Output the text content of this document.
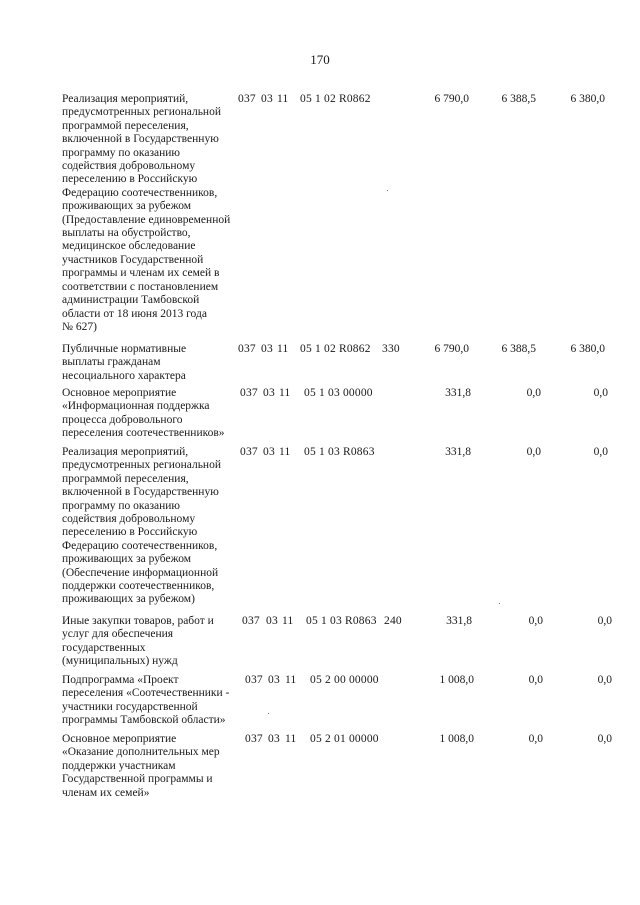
170
Реализация мероприятий,
предусмотренных региональной
программой переселения,
включенной в Государственную
программу по оказанию
содействия добровольному
переселению в Российскую
Федерацию соотечественников,
проживающих за рубежом
(Предоставление единовременной
выплаты на обустройство,
медицинское обследование
участников Государственной
программы и членам их семей в
соответствии с постановлением
администрации Тамбовской
области от 18 июня 2013 года
№ 627)
037 03 11 05 1 02 R0862	6 790,0	6 388,5	6 380,0
Публичные нормативные
выплаты гражданам
несоциального характера
037 03 11 05 1 02 R0862 330	6 790,0	6 388,5	6 380,0
Основное мероприятие
«Информационная поддержка
процесса добровольного
переселения соотечественников»
037 03 11 05 1 03 00000	331,8	0,0	0,0
Реализация мероприятий,
предусмотренных региональной
программой переселения,
включенной в Государственную
программу по оказанию
содействия добровольному
переселению в Российскую
Федерацию соотечественников,
проживающих за рубежом
(Обеспечение информационной
поддержки соотечественников,
проживающих за рубежом)
037 03 11 05 1 03 R0863	331,8	0,0	0,0
Иные закупки товаров, работ и
услуг для обеспечения
государственных
(муниципальных) нужд
037 03 11 05 1 03 R0863 240	331,8	0,0	0,0
Подпрограмма «Проект
переселения «Соотечественники -
участники государственной
программы Тамбовской области»
037 03 11 05 2 00 00000	1 008,0	0,0	0,0
Основное мероприятие
«Оказание дополнительных мер
поддержки участникам
Государственной программы и
членам их семей»
037 03 11 05 2 01 00000	1 008,0	0,0	0,0
